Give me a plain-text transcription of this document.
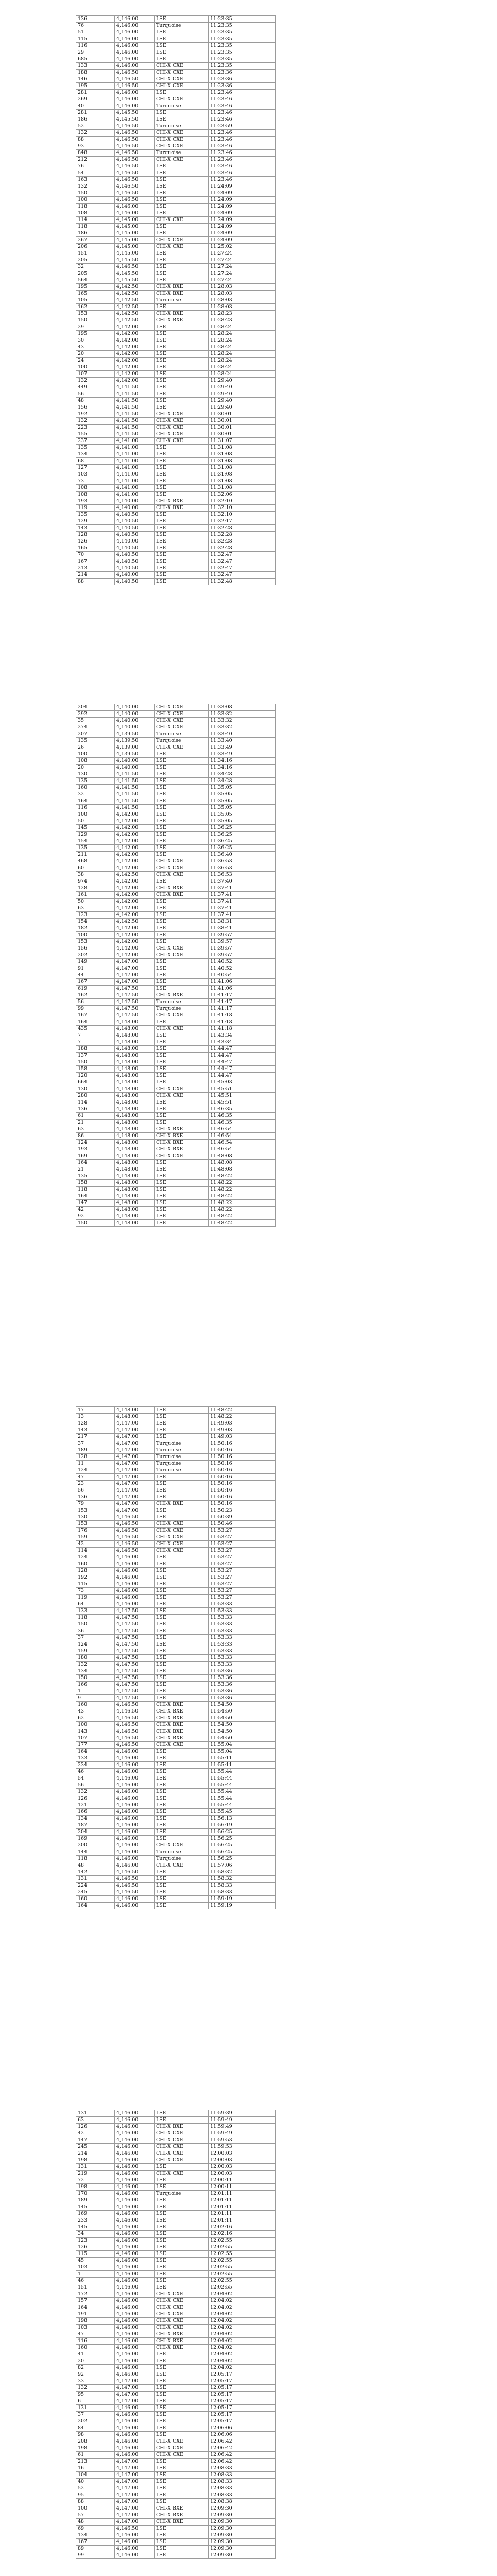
136	4,146.00	LSE	11:23:35
76	4,146.00	Turquoise	11:23:35
51	4,146.00	LSE	11:23:35
115	4,146.00	LSE	11:23:35
116	4,146.00	LSE	11:23:35
29	4,146.00	LSE	11:23:35
685	4,146.00	LSE	11:23:35
133	4,146.00	CHI-X CXE	11:23:35
188	4,146.50	CHI-X CXE	11:23:36
146	4,146.50	CHI-X CXE	11:23:36
195	4,146.50	CHI-X CXE	11:23:36
281	4,146.00	LSE	11:23:46
269	4,146.00	CHI-X CXE	11:23:46
40	4,146.00	Turquoise	11:23:46
281	4,145.50	LSE	11:23:46
186	4,145.50	LSE	11:23:46
52	4,146.50	Turquoise	11:23:59
132	4,146.50	CHI-X CXE	11:23:46
88	4,146.50	CHI-X CXE	11:23:46
93	4,146.50	CHI-X CXE	11:23:46
848	4,146.50	Turquoise	11:23:46
212	4,146.50	CHI-X CXE	11:23:46
76	4,146.50	LSE	11:23:46
54	4,146.50	LSE	11:23:46
163	4,146.50	LSE	11:23:46
132	4,146.50	LSE	11:24:09
150	4,146.50	LSE	11:24:09
100	4,146.50	LSE	11:24:09
118	4,146.00	LSE	11:24:09
108	4,146.00	LSE	11:24:09
114	4,145.00	CHI-X CXE	11:24:09
118	4,145.00	LSE	11:24:09
186	4,145.00	LSE	11:24:09
267	4,145.00	CHI-X CXE	11:24:09
206	4,145.00	CHI-X CXE	11:25:02
151	4,145.00	LSE	11:27:24
205	4,145.50	LSE	11:27:24
32	4,146.50	LSE	11:27:24
205	4,145.50	LSE	11:27:24
564	4,145.50	LSE	11:27:24
195	4,142.50	CHI-X BXE	11:28:03
165	4,142.50	CHI-X BXE	11:28:03
105	4,142.50	Turquoise	11:28:03
162	4,142.50	LSE	11:28:03
153	4,142.50	CHI-X BXE	11:28:23
150	4,142.50	CHI-X BXE	11:28:23
29	4,142.00	LSE	11:28:24
195	4,142.00	LSE	11:28:24
30	4,142.00	LSE	11:28:24
43	4,142.00	LSE	11:28:24
20	4,142.00	LSE	11:28:24
24	4,142.00	LSE	11:28:24
100	4,142.00	LSE	11:28:24
107	4,142.00	LSE	11:28:24
132	4,142.00	LSE	11:29:40
449	4,141.50	LSE	11:29:40
56	4,141.50	LSE	11:29:40
48	4,141.50	LSE	11:29:40
156	4,141.50	LSE	11:29:40
192	4,141.50	CHI-X CXE	11:30:01
132	4,141.50	CHI-X CXE	11:30:01
223	4,141.50	CHI-X CXE	11:30:01
155	4,141.50	CHI-X CXE	11:30:01
237	4,141.00	CHI-X CXE	11:31:07
135	4,141.00	LSE	11:31:08
134	4,141.00	LSE	11:31:08
68	4,141.00	LSE	11:31:08
127	4,141.00	LSE	11:31:08
103	4,141.00	LSE	11:31:08
73	4,141.00	LSE	11:31:08
108	4,141.00	LSE	11:31:08
108	4,141.00	LSE	11:32:06
193	4,140.00	CHI-X BXE	11:32:10
119	4,140.00	CHI-X BXE	11:32:10
135	4,140.50	LSE	11:32:10
129	4,140.50	LSE	11:32:17
143	4,140.50	LSE	11:32:28
128	4,140.50	LSE	11:32:28
126	4,140.00	LSE	11:32:28
165	4,140.50	LSE	11:32:28
70	4,140.50	LSE	11:32:47
167	4,140.50	LSE	11:32:47
213	4,140.50	LSE	11:32:47
214	4,140.00	LSE	11:32:47
88	4,140.50	LSE	11:32:48
204	4,140.00	CHI-X CXE	11:33:08
292	4,140.00	CHI-X CXE	11:33:32
35	4,140.00	CHI-X CXE	11:33:32
274	4,140.00	CHI-X CXE	11:33:32
207	4,139.50	Turquoise	11:33:40
135	4,139.50	Turquoise	11:33:40
26	4,139.00	CHI-X CXE	11:33:49
100	4,139.50	LSE	11:33:49
108	4,140.00	LSE	11:34:16
20	4,140.00	LSE	11:34:16
130	4,141.50	LSE	11:34:28
135	4,141.50	LSE	11:34:28
160	4,141.50	LSE	11:35:05
32	4,141.50	LSE	11:35:05
164	4,141.50	LSE	11:35:05
116	4,141.50	LSE	11:35:05
100	4,142.00	LSE	11:35:05
50	4,142.00	LSE	11:35:05
145	4,142.00	LSE	11:36:25
129	4,142.00	LSE	11:36:25
154	4,142.00	LSE	11:36:25
135	4,142.00	LSE	11:36:25
211	4,142.00	LSE	11:36:40
468	4,142.00	CHI-X CXE	11:36:53
60	4,142.00	CHI-X CXE	11:36:53
38	4,142.50	CHI-X CXE	11:36:53
974	4,142.00	LSE	11:37:40
128	4,142.00	CHI-X BXE	11:37:41
161	4,142.00	CHI-X BXE	11:37:41
50	4,142.00	LSE	11:37:41
63	4,142.00	LSE	11:37:41
123	4,142.00	LSE	11:37:41
154	4,142.50	LSE	11:38:31
182	4,142.00	LSE	11:38:41
100	4,142.00	LSE	11:39:57
153	4,142.00	LSE	11:39:57
156	4,142.00	CHI-X CXE	11:39:57
202	4,142.00	CHI-X CXE	11:39:57
149	4,147.00	LSE	11:40:52
91	4,147.00	LSE	11:40:52
44	4,147.00	LSE	11:40:54
167	4,147.00	LSE	11:41:06
619	4,147.50	LSE	11:41:06
162	4,147.50	CHI-X BXE	11:41:17
56	4,147.50	Turquoise	11:41:17
99	4,147.50	Turquoise	11:41:17
167	4,147.50	CHI-X CXE	11:41:18
164	4,148.00	LSE	11:41:18
435	4,148.00	CHI-X CXE	11:41:18
7	4,148.00	LSE	11:43:34
7	4,148.00	LSE	11:43:34
188	4,148.00	LSE	11:44:47
137	4,148.00	LSE	11:44:47
150	4,148.00	LSE	11:44:47
158	4,148.00	LSE	11:44:47
120	4,148.00	LSE	11:44:47
664	4,148.00	LSE	11:45:03
130	4,148.00	CHI-X CXE	11:45:51
280	4,148.00	CHI-X CXE	11:45:51
114	4,148.00	LSE	11:45:51
136	4,148.00	LSE	11:46:35
61	4,148.00	LSE	11:46:35
21	4,148.00	LSE	11:46:35
63	4,148.00	CHI-X BXE	11:46:54
86	4,148.00	CHI-X BXE	11:46:54
124	4,148.00	CHI-X BXE	11:46:54
193	4,148.00	CHI-X BXE	11:46:54
169	4,148.00	CHI-X CXE	11:48:08
164	4,148.00	LSE	11:48:08
21	4,148.00	LSE	11:48:08
135	4,148.00	LSE	11:48:22
158	4,148.00	LSE	11:48:22
118	4,148.00	LSE	11:48:22
164	4,148.00	LSE	11:48:22
147	4,148.00	LSE	11:48:22
42	4,148.00	LSE	11:48:22
92	4,148.00	LSE	11:48:22
150	4,148.00	LSE	11:48:22
17	4,148.00	LSE	11:48:22
13	4,148.00	LSE	11:48:22
128	4,147.00	LSE	11:49:03
143	4,147.00	LSE	11:49:03
217	4,147.00	LSE	11:49:03
37	4,147.00	Turquoise	11:50:16
189	4,147.00	Turquoise	11:50:16
128	4,147.00	Turquoise	11:50:16
11	4,147.00	Turquoise	11:50:16
124	4,147.00	Turquoise	11:50:16
47	4,147.00	LSE	11:50:16
23	4,147.00	LSE	11:50:16
56	4,147.00	LSE	11:50:16
136	4,147.00	LSE	11:50:16
79	4,147.00	CHI-X BXE	11:50:16
153	4,147.00	LSE	11:50:23
130	4,146.50	LSE	11:50:39
153	4,146.50	CHI-X CXE	11:50:46
176	4,146.50	CHI-X CXE	11:53:27
159	4,146.50	CHI-X CXE	11:53:27
42	4,146.50	CHI-X CXE	11:53:27
114	4,146.50	CHI-X CXE	11:53:27
124	4,146.00	LSE	11:53:27
160	4,146.00	LSE	11:53:27
128	4,146.00	LSE	11:53:27
192	4,146.00	LSE	11:53:27
115	4,146.00	LSE	11:53:27
73	4,146.00	LSE	11:53:27
119	4,146.00	LSE	11:53:27
64	4,146.00	LSE	11:53:33
133	4,147.50	LSE	11:53:33
118	4,147.50	LSE	11:53:33
150	4,147.50	LSE	11:53:33
36	4,147.50	LSE	11:53:33
37	4,147.50	LSE	11:53:33
124	4,147.50	LSE	11:53:33
159	4,147.50	LSE	11:53:33
180	4,147.50	LSE	11:53:33
132	4,147.50	LSE	11:53:33
134	4,147.50	LSE	11:53:36
150	4,147.50	LSE	11:53:36
166	4,147.50	LSE	11:53:36
1	4,147.50	LSE	11:53:36
9	4,147.50	LSE	11:53:36
160	4,146.50	CHI-X BXE	11:54:50
43	4,146.50	CHI-X BXE	11:54:50
62	4,146.50	CHI-X BXE	11:54:50
100	4,146.50	CHI-X BXE	11:54:50
143	4,146.50	CHI-X BXE	11:54:50
107	4,146.50	CHI-X BXE	11:54:50
177	4,146.50	CHI-X CXE	11:55:04
164	4,146.00	LSE	11:55:04
133	4,146.00	LSE	11:55:11
234	4,146.00	LSE	11:55:11
46	4,146.00	LSE	11:55:44
54	4,146.00	LSE	11:55:44
56	4,146.00	LSE	11:55:44
132	4,146.00	LSE	11:55:44
126	4,146.00	LSE	11:55:44
121	4,146.00	LSE	11:55:44
166	4,146.00	LSE	11:55:45
134	4,146.00	LSE	11:56:13
187	4,146.00	LSE	11:56:19
204	4,146.00	LSE	11:56:25
169	4,146.00	LSE	11:56:25
200	4,146.00	CHI-X CXE	11:56:25
144	4,146.00	Turquoise	11:56:25
118	4,146.00	Turquoise	11:56:25
48	4,146.00	CHI-X CXE	11:57:06
142	4,146.50	LSE	11:58:32
131	4,146.50	LSE	11:58:32
224	4,146.50	LSE	11:58:33
245	4,146.50	LSE	11:58:33
160	4,146.00	LSE	11:59:19
164	4,146.00	LSE	11:59:19
131	4,146.00	LSE	11:59:39
63	4,146.00	LSE	11:59:49
126	4,146.00	CHI-X BXE	11:59:49
42	4,146.00	CHI-X CXE	11:59:49
147	4,146.00	CHI-X CXE	11:59:53
245	4,146.00	CHI-X CXE	11:59:53
214	4,146.00	CHI-X CXE	12:00:03
198	4,146.00	CHI-X CXE	12:00:03
131	4,146.00	LSE	12:00:03
219	4,146.00	CHI-X CXE	12:00:03
72	4,146.00	LSE	12:00:11
198	4,146.00	LSE	12:00:11
170	4,146.00	Turquoise	12:01:11
189	4,146.00	LSE	12:01:11
145	4,146.00	LSE	12:01:11
169	4,146.00	LSE	12:01:11
233	4,146.00	LSE	12:01:11
145	4,146.00	LSE	12:02:16
34	4,146.00	LSE	12:02:16
123	4,146.00	LSE	12:02:55
126	4,146.00	LSE	12:02:55
115	4,146.00	LSE	12:02:55
45	4,146.00	LSE	12:02:55
103	4,146.00	LSE	12:02:55
1	4,146.00	LSE	12:02:55
46	4,146.00	LSE	12:02:55
151	4,146.00	LSE	12:02:55
172	4,146.00	CHI-X CXE	12:04:02
157	4,146.00	CHI-X CXE	12:04:02
164	4,146.00	CHI-X CXE	12:04:02
191	4,146.00	CHI-X CXE	12:04:02
198	4,146.00	CHI-X CXE	12:04:02
103	4,146.00	CHI-X CXE	12:04:02
47	4,146.00	CHI-X BXE	12:04:02
116	4,146.00	CHI-X BXE	12:04:02
160	4,146.00	CHI-X BXE	12:04:02
41	4,146.00	LSE	12:04:02
20	4,146.00	LSE	12:04:02
82	4,146.00	LSE	12:04:02
92	4,146.00	LSE	12:05:17
33	4,147.00	LSE	12:05:17
132	4,147.00	LSE	12:05:17
95	4,147.00	LSE	12:05:17
6	4,147.00	LSE	12:05:17
131	4,146.00	LSE	12:05:17
37	4,146.00	LSE	12:05:17
202	4,146.00	LSE	12:05:17
84	4,146.00	LSE	12:06:06
98	4,146.00	LSE	12:06:06
208	4,146.00	CHI-X CXE	12:06:42
198	4,146.00	CHI-X CXE	12:06:42
61	4,146.00	CHI-X CXE	12:06:42
213	4,147.00	LSE	12:06:42
16	4,147.00	LSE	12:08:33
104	4,147.00	LSE	12:08:33
40	4,147.00	LSE	12:08:33
52	4,147.00	LSE	12:08:33
95	4,147.00	LSE	12:08:33
88	4,147.00	LSE	12:08:38
100	4,147.00	CHI-X BXE	12:09:30
57	4,147.00	CHI-X BXE	12:09:30
48	4,147.00	CHI-X BXE	12:09:30
69	4,146.50	LSE	12:09:30
134	4,146.00	LSE	12:09:30
167	4,146.00	LSE	12:09:30
89	4,146.00	LSE	12:09:30
99	4,146.00	LSE	12:09:30
